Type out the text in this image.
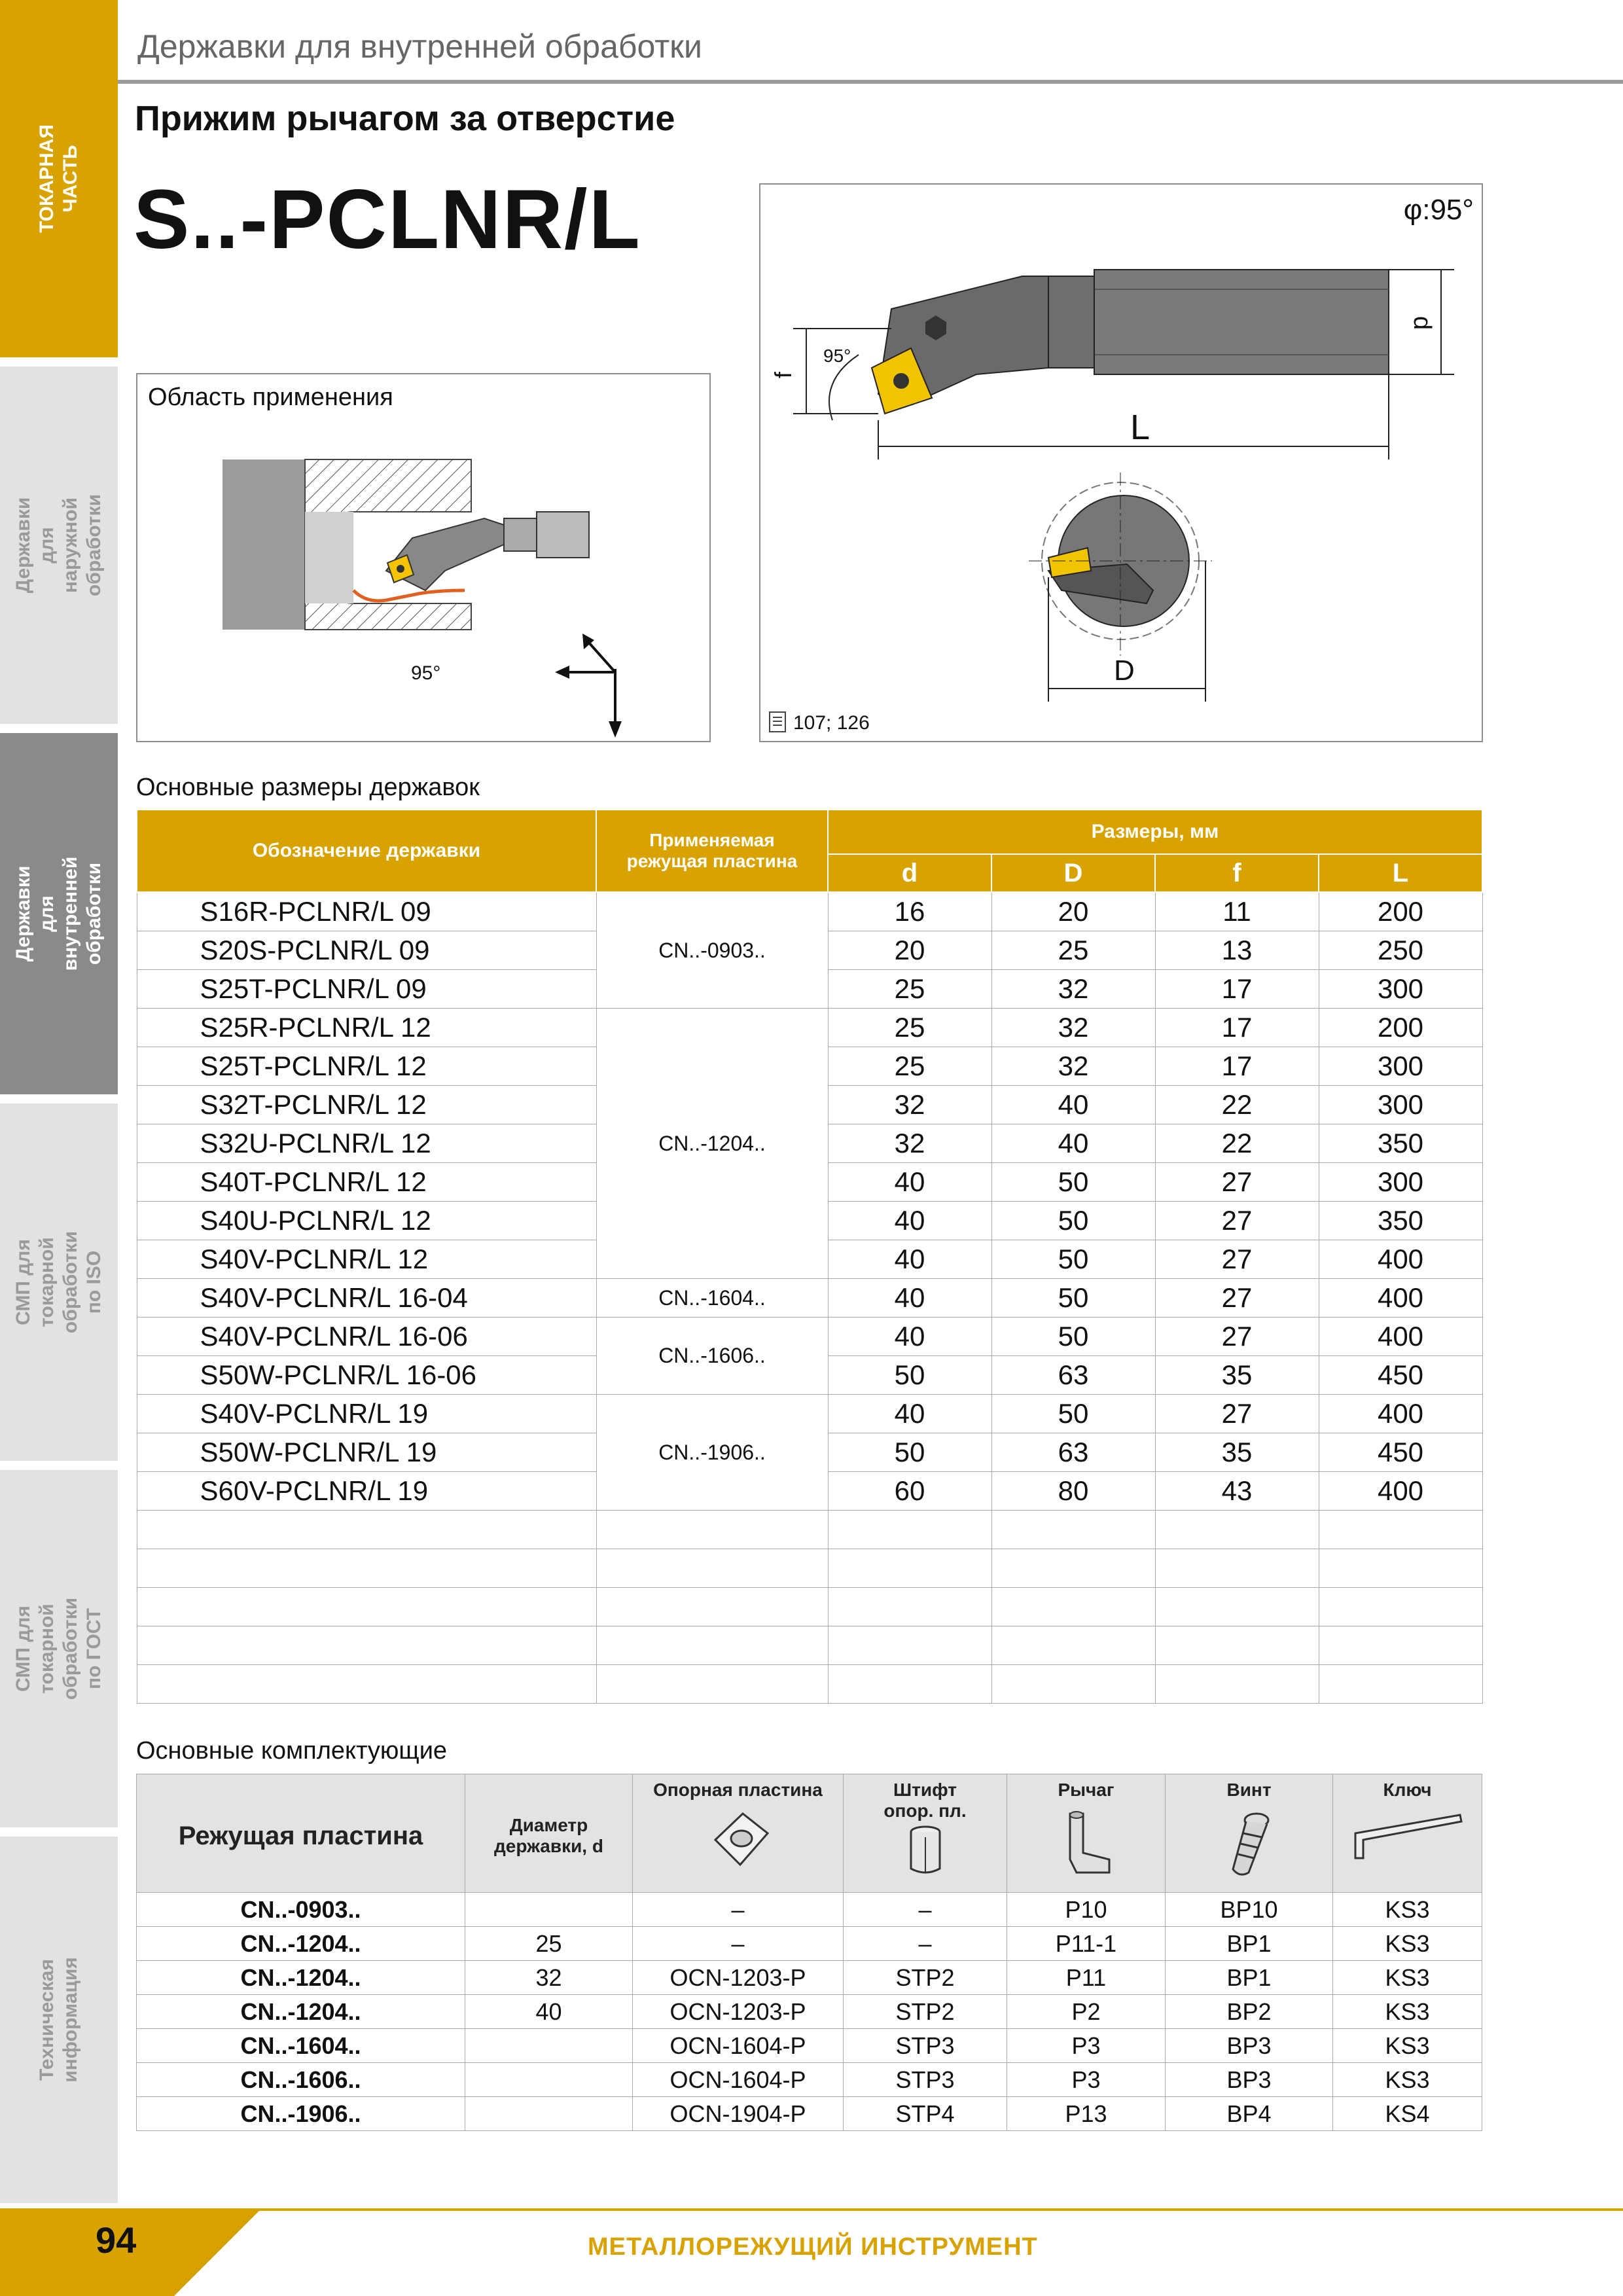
ТОКАРНАЯ
ЧАСТЬ
Державки для
наружной обработки
Державки для
внутренней обработки
СМП для токарной
обработки по ISO
СМП для токарной
обработки по ГОСТ
Техническая
информация
Державки для внутренней обработки
Прижим рычагом за отверстие
S..-PCLNR/L
Область применения
95°
φ:95°
L
d
f
95°
D
107; 126
Основные размеры державок
Обозначение державки	Применяемая
режущая пластина	Размеры, мм			
		d	D	f	L
S16R-PCLNR/L 09	CN..-0903..	16	20	11	200
S20S-PCLNR/L 09		20	25	13	250
S25T-PCLNR/L 09		25	32	17	300
S25R-PCLNR/L 12	CN..-1204..	25	32	17	200
S25T-PCLNR/L 12		25	32	17	300
S32T-PCLNR/L 12		32	40	22	300
S32U-PCLNR/L 12		32	40	22	350
S40T-PCLNR/L 12		40	50	27	300
S40U-PCLNR/L 12		40	50	27	350
S40V-PCLNR/L 12		40	50	27	400
S40V-PCLNR/L 16-04	CN..-1604..	40	50	27	400
S40V-PCLNR/L 16-06	CN..-1606..	40	50	27	400
S50W-PCLNR/L 16-06		50	63	35	450
S40V-PCLNR/L 19	CN..-1906..	40	50	27	400
S50W-PCLNR/L 19		50	63	35	450
S60V-PCLNR/L 19		60	80	43	400

Основные комплектующие
Режущая пластина	Диаметр
державки, d	Опорная пластина	Штифт
опор. пл.	Рычаг	Винт	Ключ

CN..-0903..		–	–	P10	BP10	KS3
CN..-1204..	25	–	–	P11-1	BP1	KS3
CN..-1204..	32	OCN-1203-P	STP2	P11	BP1	KS3
CN..-1204..	40	OCN-1203-P	STP2	P2	BP2	KS3
CN..-1604..		OCN-1604-P	STP3	P3	BP3	KS3
CN..-1606..		OCN-1604-P	STP3	P3	BP3	KS3
CN..-1906..		OCN-1904-P	STP4	P13	BP4	KS4
94	МЕТАЛЛОРЕЖУЩИЙ ИНСТРУМЕНТ
